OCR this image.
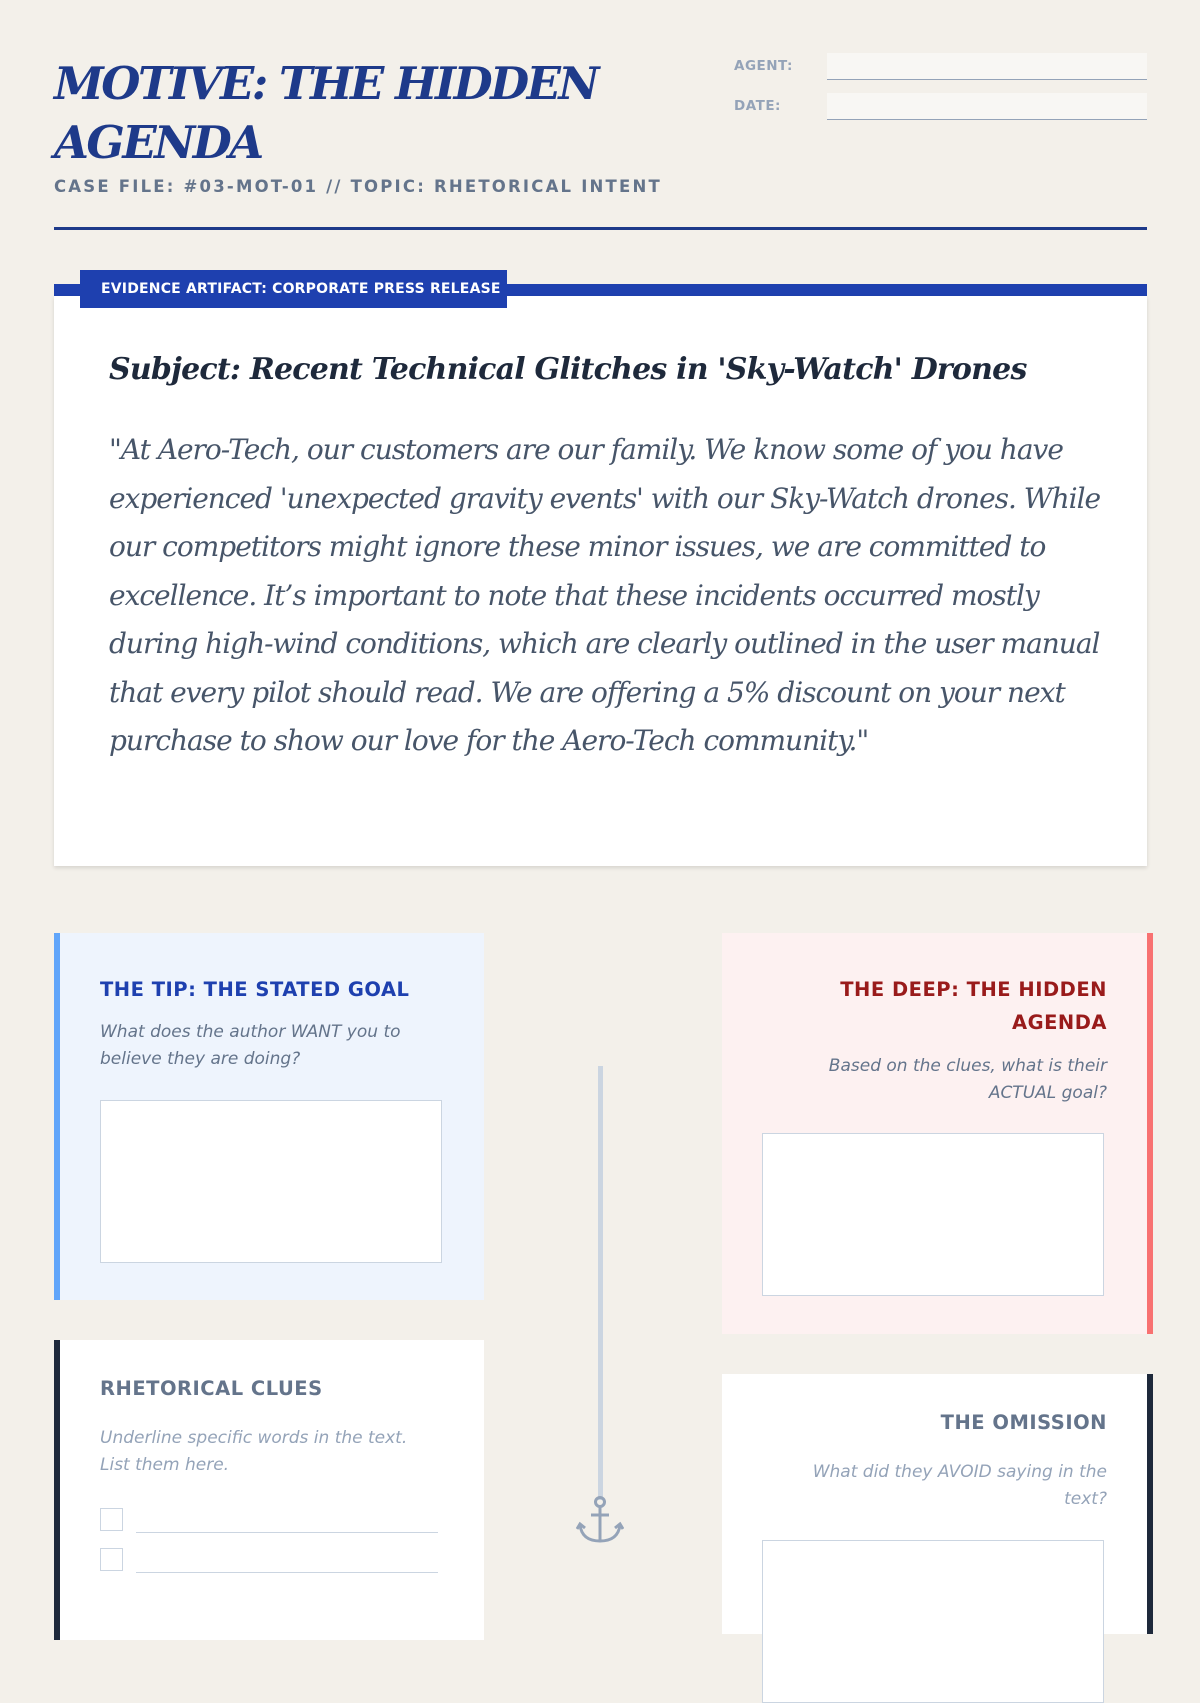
MOTIVE: THE HIDDEN AGENDA
CASE FILE: #03-MOT-01 // TOPIC: RHETORICAL INTENT
AGENT:
DATE:
Subject: Recent Technical Glitches in 'Sky-Watch' Drones

"At Aero-Tech, our customers are our family. We know some of you have experienced 'unexpected gravity events' with our Sky-Watch drones. While our competitors might ignore these minor issues, we are committed to excellence. It’s important to note that these incidents occurred mostly during high-wind conditions, which are clearly outlined in the user manual that every pilot should read. We are offering a 5% discount on your next purchase to show our love for the Aero-Tech community."

EVIDENCE ARTIFACT: CORPORATE PRESS RELEASE
THE TIP: THE STATED GOAL

What does the author WANT you to believe they are doing?

THE DEEP: THE HIDDEN AGENDA

Based on the clues, what is their ACTUAL goal?

RHETORICAL CLUES

Underline specific words in the text. List them here.

THE OMISSION

What did they AVOID saying in the text?
